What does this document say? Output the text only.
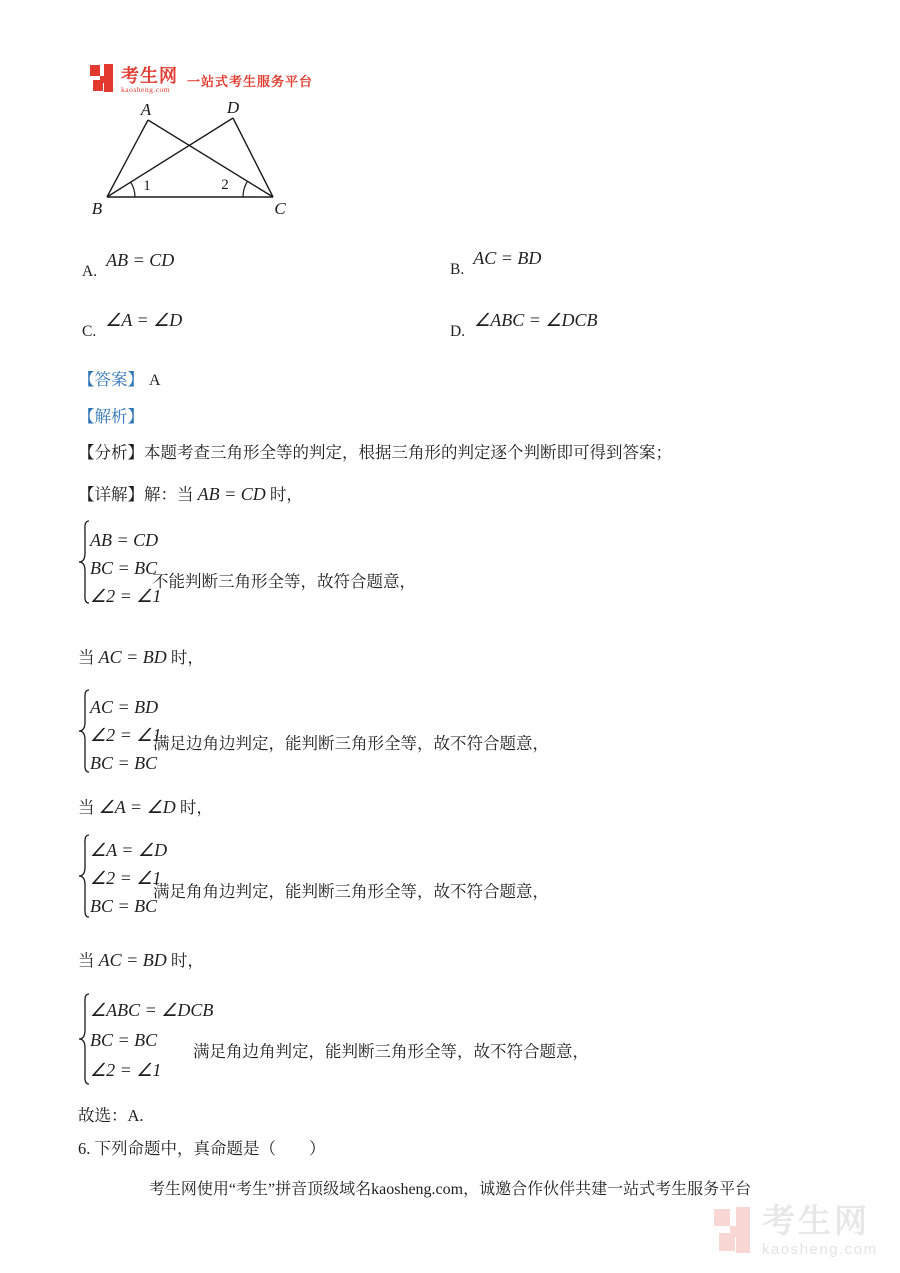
考生网
kaosheng.com	一站式考生服务平台
A	D
B	C
1	2
A.
AB = CD	B.
AC = BD
C.
∠A = ∠D
D.
∠ABC = ∠DCB
【答案】 A
【解析】
【分析】本题考查三角形全等的判定，根据三角形的判定逐个判断即可得到答案；
【详解】解：当 AB = CD 时，
AB = CD
BC = BC
∠2 = ∠1
不能判断三角形全等，故符合题意，
当 AC = BD 时，
AC = BD
∠2 = ∠1
BC = BC
满足边角边判定，能判断三角形全等，故不符合题意，
当 ∠A = ∠D 时，
∠A = ∠D
∠2 = ∠1
BC = BC
满足角角边判定，能判断三角形全等，故不符合题意，
当 AC = BD 时，
∠ABC = ∠DCB
BC = BC
∠2 = ∠1
满足角边角判定，能判断三角形全等，故不符合题意，
故选：A.
6. 下列命题中，真命题是（　　）
考生网使用“考生”拼音顶级域名kaosheng.com，诚邀合作伙伴共建一站式考生服务平台
考生网
kaosheng.com
